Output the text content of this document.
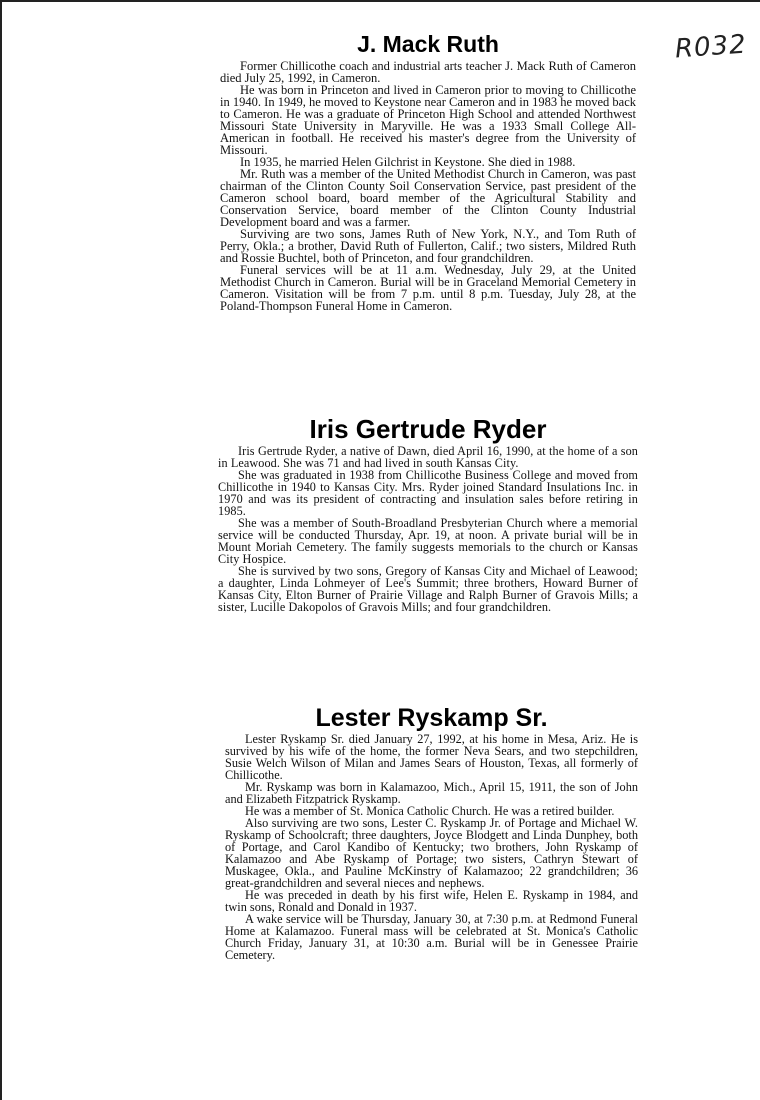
R032
J. Mack Ruth

Former Chillicothe coach and industrial arts teacher J. Mack Ruth of Cameron died July 25, 1992, in Cameron.

He was born in Princeton and lived in Cameron prior to moving to Chillicothe in 1940. In 1949, he moved to Keystone near Cameron and in 1983 he moved back to Cameron. He was a graduate of Princeton High School and attended Northwest Missouri State University in Maryville. He was a 1933 Small College All-American in football. He received his master's degree from the University of Missouri.

In 1935, he married Helen Gilchrist in Keystone. She died in 1988.

Mr. Ruth was a member of the United Methodist Church in Cameron, was past chairman of the Clinton County Soil Conservation Service, past president of the Cameron school board, board member of the Agricultural Stability and Conservation Service, board member of the Clinton County Industrial Development board and was a farmer.

Surviving are two sons, James Ruth of New York, N.Y., and Tom Ruth of Perry, Okla.; a brother, David Ruth of Fullerton, Calif.; two sisters, Mildred Ruth and Rossie Buchtel, both of Princeton, and four grandchildren.

Funeral services will be at 11 a.m. Wednesday, July 29, at the United Methodist Church in Cameron. Burial will be in Graceland Memorial Cemetery in Cameron. Visitation will be from 7 p.m. until 8 p.m. Tuesday, July 28, at the Poland-Thompson Funeral Home in Cameron.

Iris Gertrude Ryder

Iris Gertrude Ryder, a native of Dawn, died April 16, 1990, at the home of a son in Leawood. She was 71 and had lived in south Kansas City.

She was graduated in 1938 from Chillicothe Business College and moved from Chillicothe in 1940 to Kansas City. Mrs. Ryder joined Standard Insulations Inc. in 1970 and was its president of contracting and insulation sales before retiring in 1985.

She was a member of South-Broadland Presbyterian Church where a memorial service will be conducted Thursday, Apr. 19, at noon. A private burial will be in Mount Moriah Cemetery. The family suggests memorials to the church or Kansas City Hospice.

She is survived by two sons, Gregory of Kansas City and Michael of Leawood; a daughter, Linda Lohmeyer of Lee's Summit; three brothers, Howard Burner of Kansas City, Elton Burner of Prairie Village and Ralph Burner of Gravois Mills; a sister, Lucille Dakopolos of Gravois Mills; and four grandchildren.

Lester Ryskamp Sr.

Lester Ryskamp Sr. died January 27, 1992, at his home in Mesa, Ariz. He is survived by his wife of the home, the former Neva Sears, and two stepchildren, Susie Welch Wilson of Milan and James Sears of Houston, Texas, all formerly of Chillicothe.

Mr. Ryskamp was born in Kalamazoo, Mich., April 15, 1911, the son of John and Elizabeth Fitzpatrick Ryskamp.

He was a member of St. Monica Catholic Church. He was a retired builder.

Also surviving are two sons, Lester C. Ryskamp Jr. of Portage and Michael W. Ryskamp of Schoolcraft; three daughters, Joyce Blodgett and Linda Dunphey, both of Portage, and Carol Kandibo of Kentucky; two brothers, John Ryskamp of Kalamazoo and Abe Ryskamp of Portage; two sisters, Cathryn Stewart of Muskagee, Okla., and Pauline McKinstry of Kalamazoo; 22 grandchildren; 36 great-grandchildren and several nieces and nephews.

He was preceded in death by his first wife, Helen E. Ryskamp in 1984, and twin sons, Ronald and Donald in 1937.

A wake service will be Thursday, January 30, at 7:30 p.m. at Redmond Funeral Home at Kalamazoo. Funeral mass will be celebrated at St. Monica's Catholic Church Friday, January 31, at 10:30 a.m. Burial will be in Genessee Prairie Cemetery.
